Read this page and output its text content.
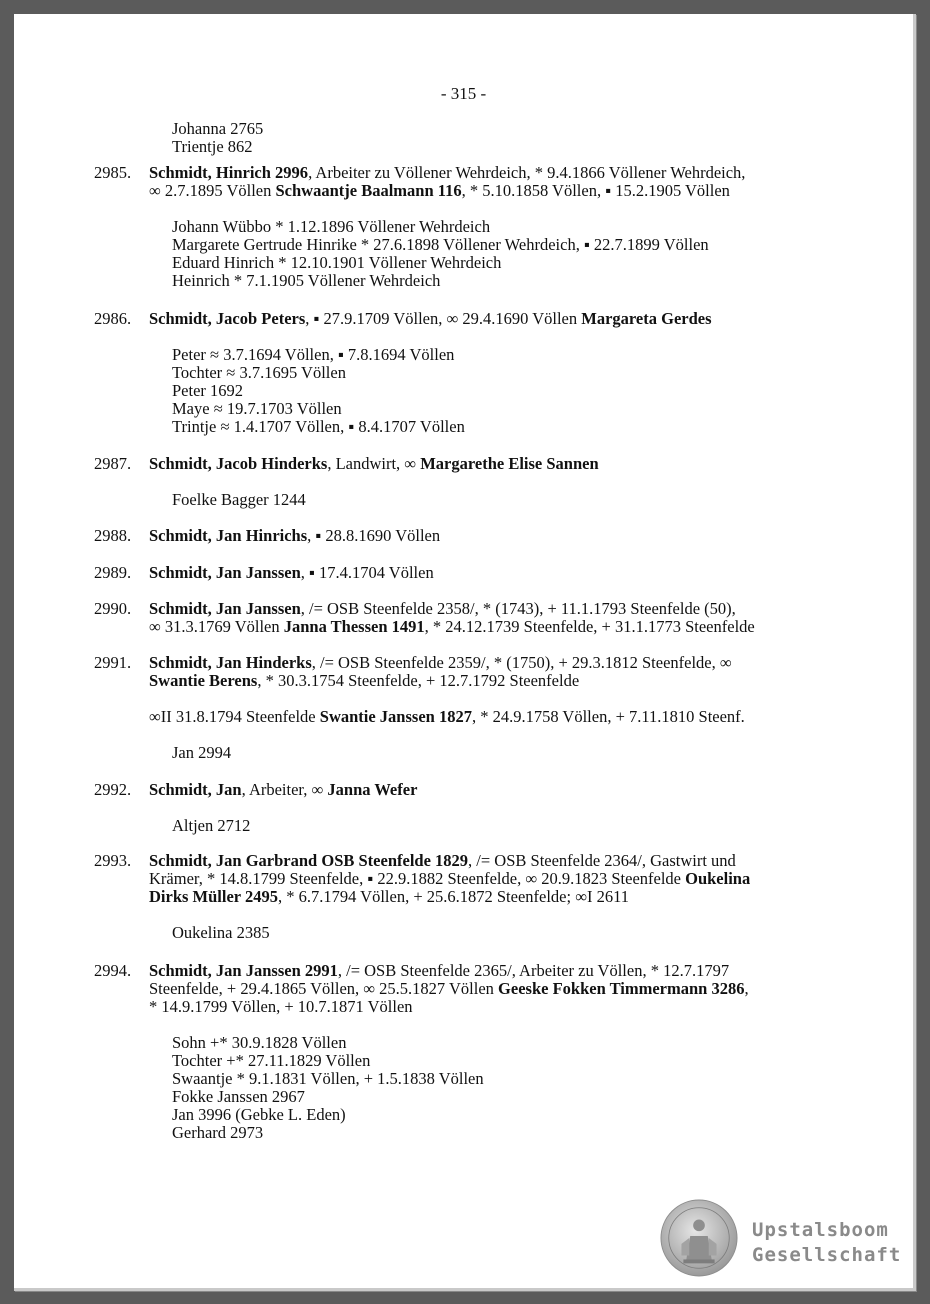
- 315 -
Johanna 2765
Trientje 862
2985. Schmidt, Hinrich 2996, Arbeiter zu Völlener Wehrdeich, * 9.4.1866 Völlener Wehrdeich,
∞ 2.7.1895 Völlen Schwaantje Baalmann 116, * 5.10.1858 Völlen, ▪ 15.2.1905 Völlen
Johann Wübbo * 1.12.1896 Völlener Wehrdeich
Margarete Gertrude Hinrike * 27.6.1898 Völlener Wehrdeich, ▪ 22.7.1899 Völlen
Eduard Hinrich * 12.10.1901 Völlener Wehrdeich
Heinrich * 7.1.1905 Völlener Wehrdeich
2986. Schmidt, Jacob Peters, ▪ 27.9.1709 Völlen, ∞ 29.4.1690 Völlen Margareta Gerdes
Peter ≈ 3.7.1694 Völlen, ▪ 7.8.1694 Völlen
Tochter ≈ 3.7.1695 Völlen
Peter 1692
Maye ≈ 19.7.1703 Völlen
Trintje ≈ 1.4.1707 Völlen, ▪ 8.4.1707 Völlen
2987. Schmidt, Jacob Hinderks, Landwirt, ∞ Margarethe Elise Sannen
Foelke Bagger 1244
2988. Schmidt, Jan Hinrichs, ▪ 28.8.1690 Völlen
2989. Schmidt, Jan Janssen, ▪ 17.4.1704 Völlen
2990. Schmidt, Jan Janssen, /= OSB Steenfelde 2358/, * (1743), + 11.1.1793 Steenfelde (50),
∞ 31.3.1769 Völlen Janna Thessen 1491, * 24.12.1739 Steenfelde, + 31.1.1773 Steenfelde
2991. Schmidt, Jan Hinderks, /= OSB Steenfelde 2359/, * (1750), + 29.3.1812 Steenfelde, ∞
Swantie Berens, * 30.3.1754 Steenfelde, + 12.7.1792 Steenfelde
∞II 31.8.1794 Steenfelde Swantie Janssen 1827, * 24.9.1758 Völlen, + 7.11.1810 Steenf.
Jan 2994
2992. Schmidt, Jan, Arbeiter, ∞ Janna Wefer
Altjen 2712
2993. Schmidt, Jan Garbrand OSB Steenfelde 1829, /= OSB Steenfelde 2364/, Gastwirt und
Krämer, * 14.8.1799 Steenfelde, ▪ 22.9.1882 Steenfelde, ∞ 20.9.1823 Steenfelde Oukelina
Dirks Müller 2495, * 6.7.1794 Völlen, + 25.6.1872 Steenfelde; ∞I 2611
Oukelina 2385
2994. Schmidt, Jan Janssen 2991, /= OSB Steenfelde 2365/, Arbeiter zu Völlen, * 12.7.1797
Steenfelde, + 29.4.1865 Völlen, ∞ 25.5.1827 Völlen Geeske Fokken Timmermann 3286,
* 14.9.1799 Völlen, + 10.7.1871 Völlen
Sohn +* 30.9.1828 Völlen
Tochter +* 27.11.1829 Völlen
Swaantje * 9.1.1831 Völlen, + 1.5.1838 Völlen
Fokke Janssen 2967
Jan 3996 (Gebke L. Eden)
Gerhard 2973
Upstalsboom
Gesellschaft
